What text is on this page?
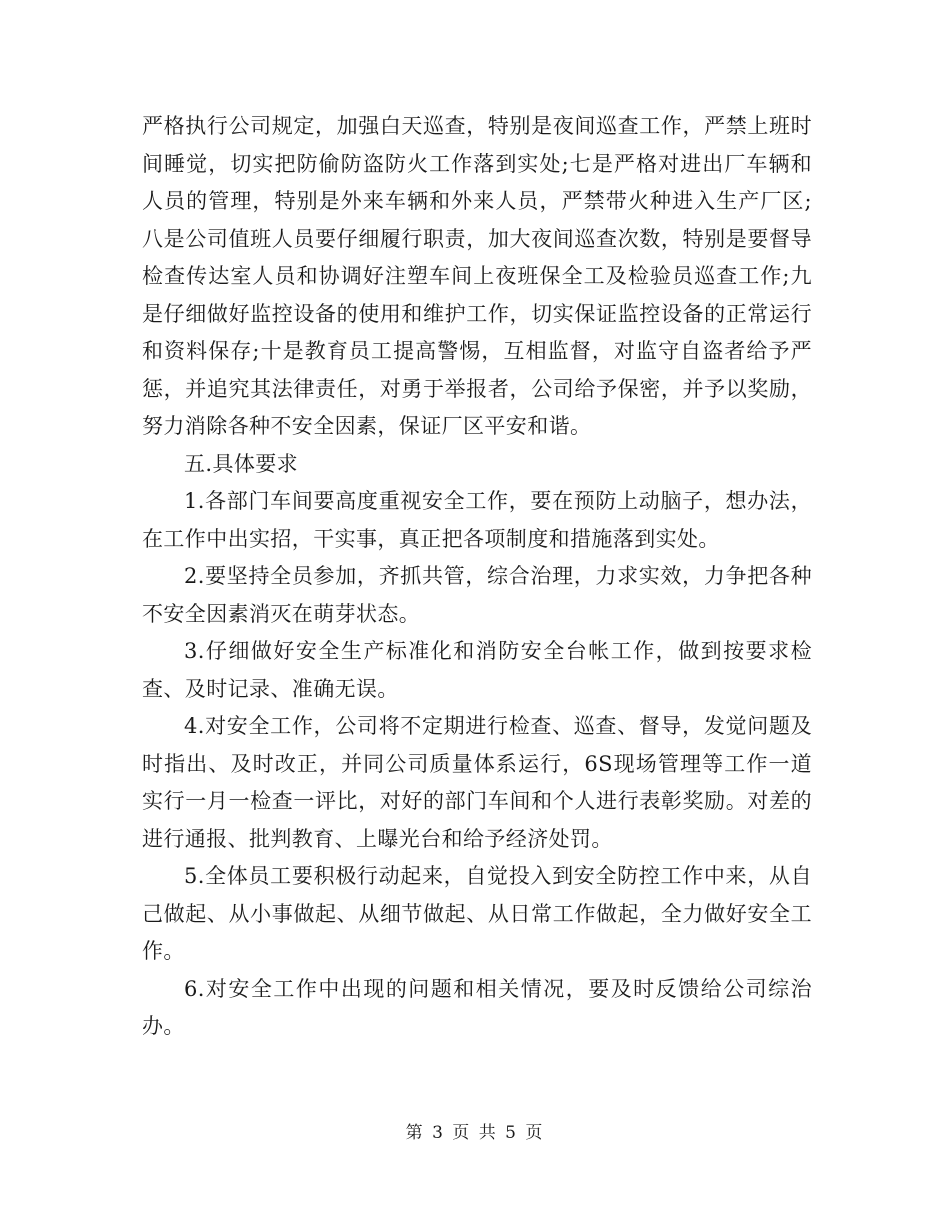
严格执行公司规定，加强白天巡查，特别是夜间巡查工作，严禁上班时间睡觉，切实把防偷防盗防火工作落到实处;七是严格对进出厂车辆和人员的管理，特别是外来车辆和外来人员，严禁带火种进入生产厂区;八是公司值班人员要仔细履行职责，加大夜间巡查次数，特别是要督导检查传达室人员和协调好注塑车间上夜班保全工及检验员巡查工作;九是仔细做好监控设备的使用和维护工作，切实保证监控设备的正常运行和资料保存;十是教育员工提高警惕，互相监督，对监守自盗者给予严惩，并追究其法律责任，对勇于举报者，公司给予保密，并予以奖励，努力消除各种不安全因素，保证厂区平安和谐。

五.具体要求

1.各部门车间要高度重视安全工作，要在预防上动脑子，想办法，在工作中出实招，干实事，真正把各项制度和措施落到实处。

2.要坚持全员参加，齐抓共管，综合治理，力求实效，力争把各种不安全因素消灭在萌芽状态。

3.仔细做好安全生产标准化和消防安全台帐工作，做到按要求检查、及时记录、准确无误。

4.对安全工作，公司将不定期进行检查、巡查、督导，发觉问题及时指出、及时改正，并同公司质量体系运行，6S现场管理等工作一道实行一月一检查一评比，对好的部门车间和个人进行表彰奖励。对差的进行通报、批判教育、上曝光台和给予经济处罚。

5.全体员工要积极行动起来，自觉投入到安全防控工作中来，从自己做起、从小事做起、从细节做起、从日常工作做起，全力做好安全工作。

6.对安全工作中出现的问题和相关情况，要及时反馈给公司综治办。

第 3 页 共 5 页
